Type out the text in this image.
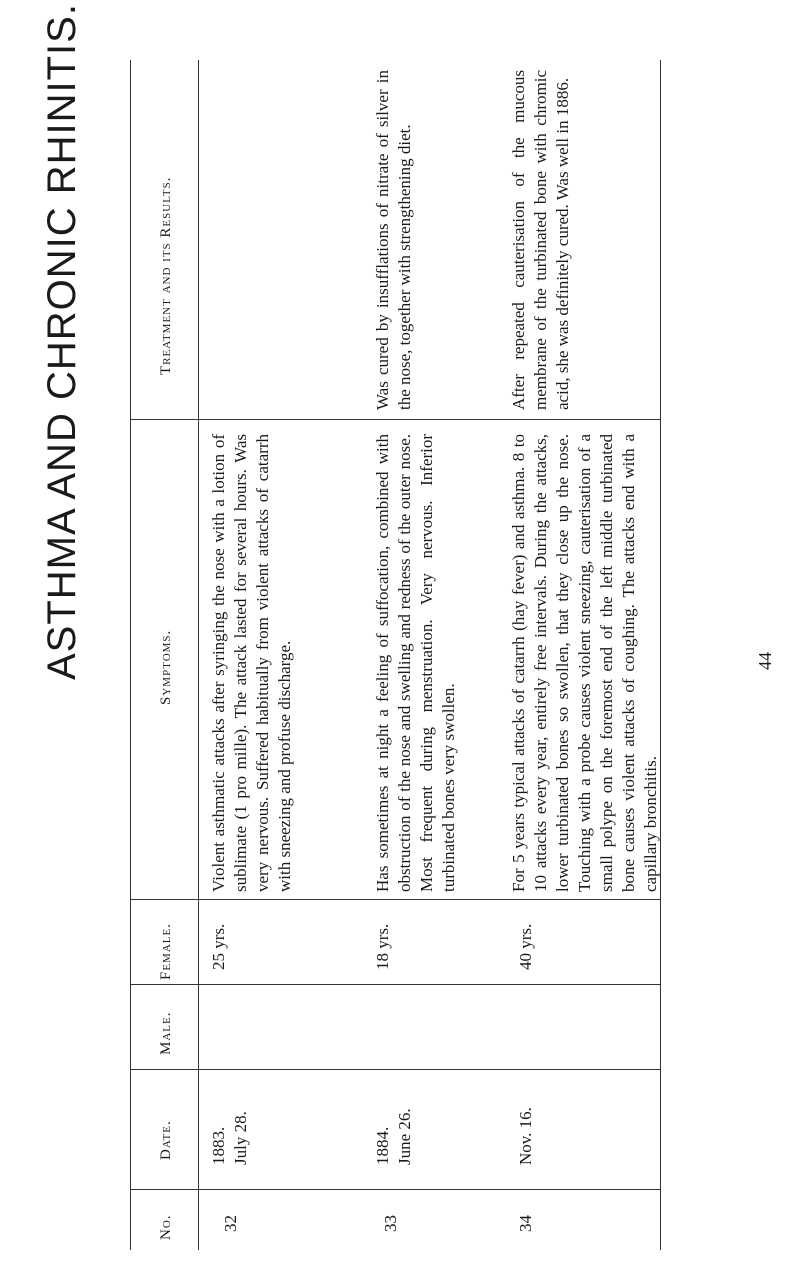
ASTHMA AND CHRONIC RHINITIS.
No.
Date.
Male.
Female.
Symptoms.
Treatment and its Results.
32
1883. July 28.
25 yrs.
Violent asthmatic attacks after syringing the nose with a lotion of sublimate (1 pro mille). The attack lasted for several hours. Was very nervous. Suffered habitually from violent attacks of catarrh with sneezing and profuse discharge.
33
1884. June 26.
18 yrs.
Has sometimes at night a feeling of suffocation, combined with obstruction of the nose and swelling and redness of the outer nose. Most frequent during menstruation. Very nervous. Inferior turbinated bones very swollen.
Was cured by insufflations of nitrate of silver in the nose, together with strengthening diet.
34
Nov. 16.
40 yrs.
For 5 years typical attacks of catarrh (hay fever) and asthma. 8 to 10 attacks every year, entirely free intervals. During the attacks, lower turbinated bones so swollen, that they close up the nose. Touching with a probe causes violent sneezing, cauterisation of a small polype on the foremost end of the left middle turbinated bone causes violent attacks of coughing. The attacks end with a capillary bronchitis.
After repeated cauterisation of the mucous membrane of the turbinated bone with chromic acid, she was definitely cured. Was well in 1886.
44
